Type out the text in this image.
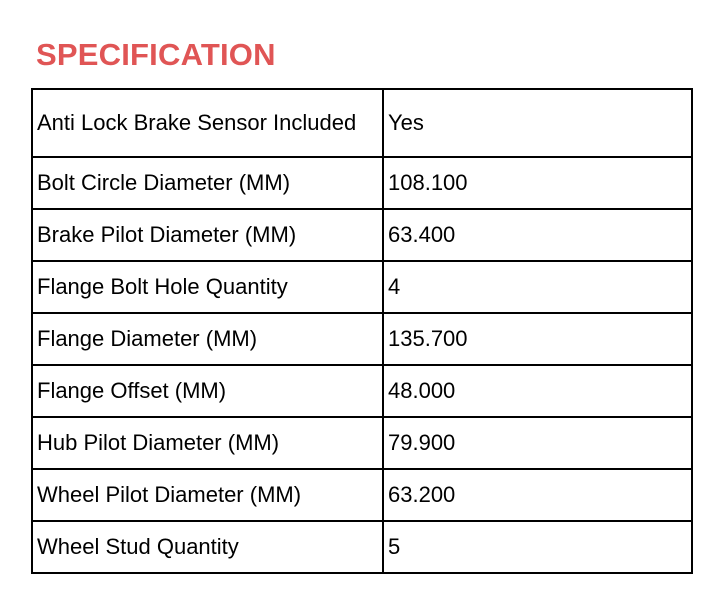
SPECIFICATION
Anti Lock Brake Sensor Included	Yes
Bolt Circle Diameter (MM)	108.100
Brake Pilot Diameter (MM)	63.400
Flange Bolt Hole Quantity	4
Flange Diameter (MM)	135.700
Flange Offset (MM)	48.000
Hub Pilot Diameter (MM)	79.900
Wheel Pilot Diameter (MM)	63.200
Wheel Stud Quantity	5
